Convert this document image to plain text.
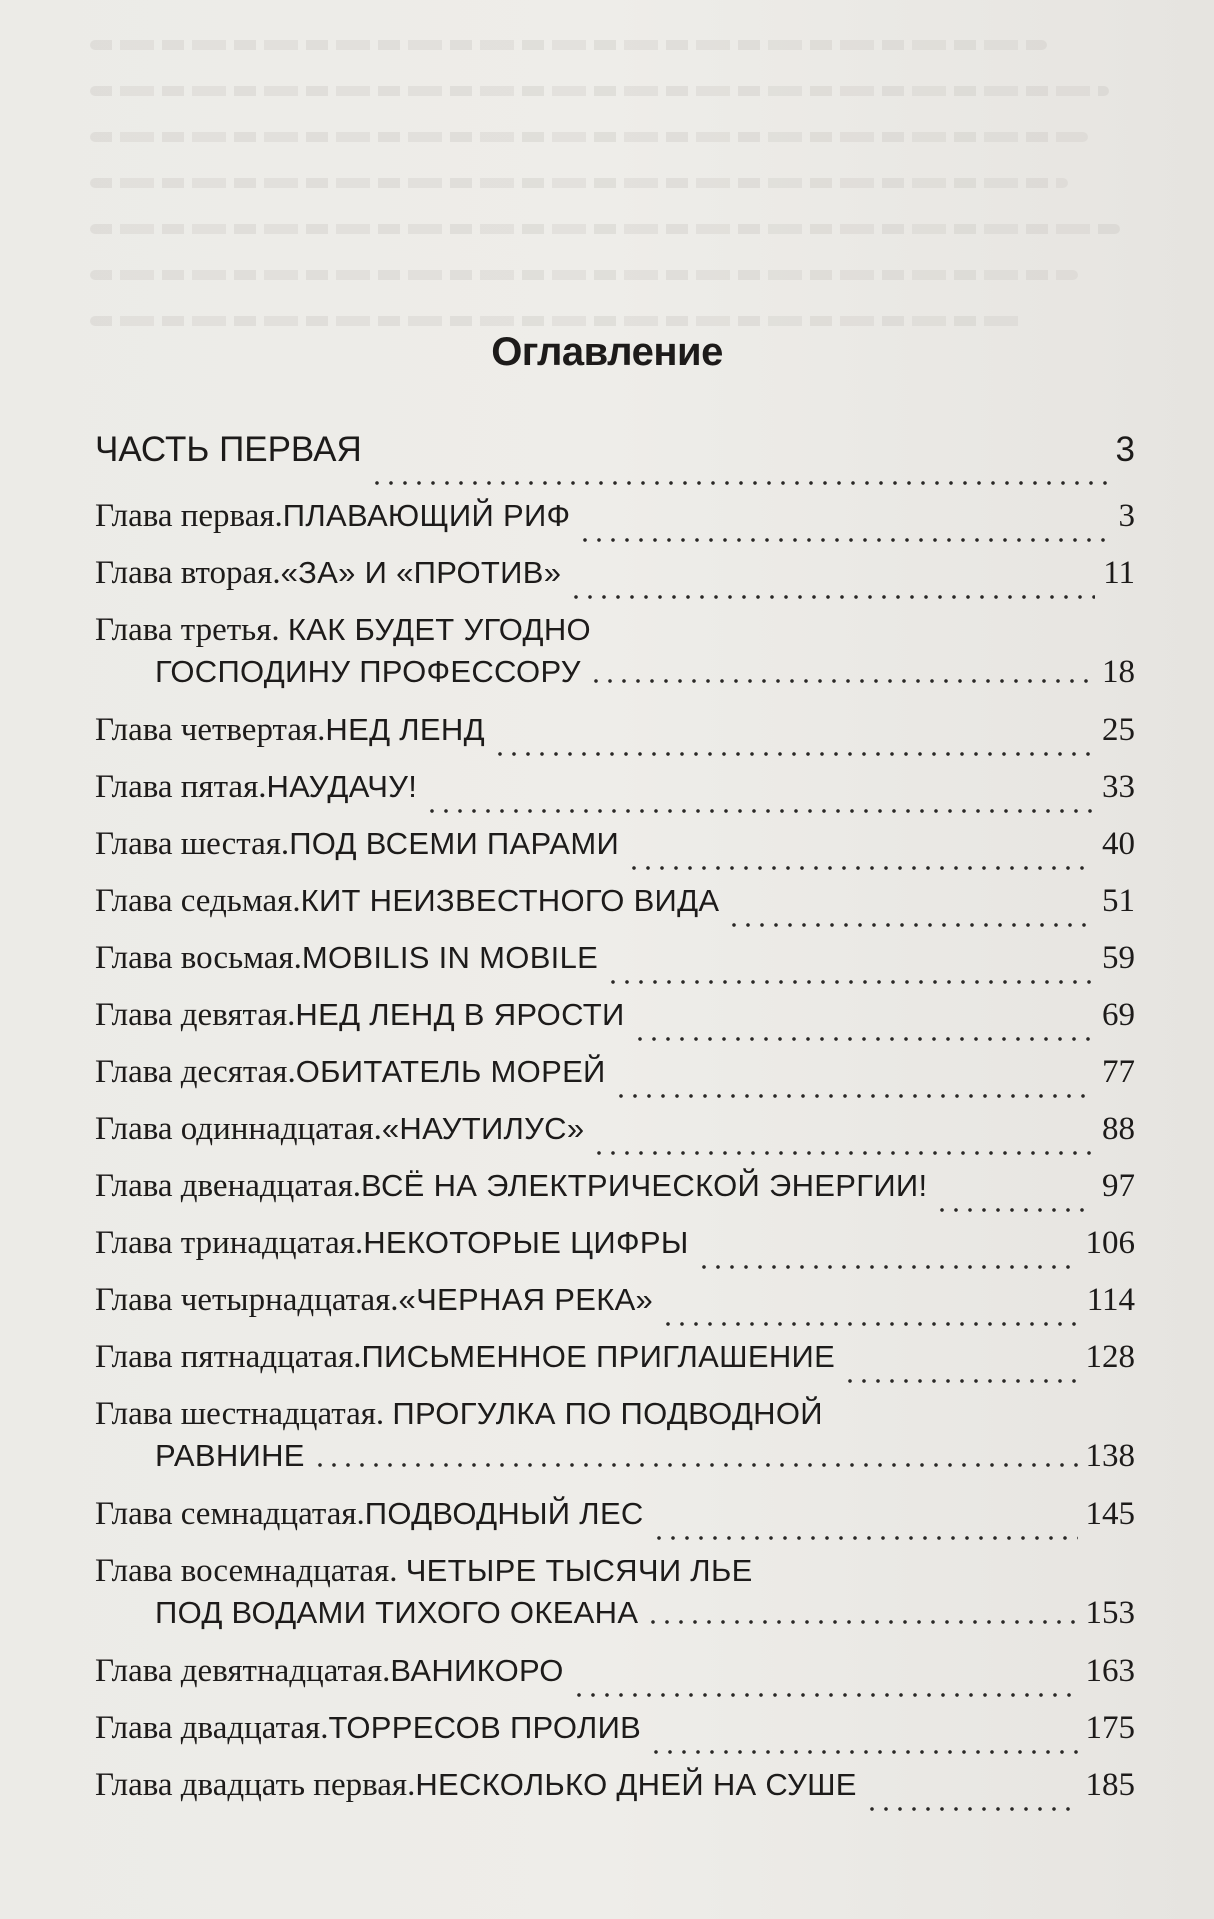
Оглавление
ЧАСТЬ ПЕРВАЯ	3
Глава первая. ПЛАВАЮЩИЙ РИФ	3
Глава вторая. «ЗА» И «ПРОТИВ»	11
Глава третья. КАК БУДЕТ УГОДНО
ГОСПОДИНУ ПРОФЕССОРУ	18
Глава четвертая. НЕД ЛЕНД	25
Глава пятая. НАУДАЧУ!	33
Глава шестая. ПОД ВСЕМИ ПАРАМИ	40
Глава седьмая. КИТ НЕИЗВЕСТНОГО ВИДА	51
Глава восьмая. MOBILIS IN MOBILE	59
Глава девятая. НЕД ЛЕНД В ЯРОСТИ	69
Глава десятая. ОБИТАТЕЛЬ МОРЕЙ	77
Глава одиннадцатая. «НАУТИЛУС»	88
Глава двенадцатая. ВСЁ НА ЭЛЕКТРИЧЕСКОЙ ЭНЕРГИИ!	97
Глава тринадцатая. НЕКОТОРЫЕ ЦИФРЫ	106
Глава четырнадцатая. «ЧЕРНАЯ РЕКА»	114
Глава пятнадцатая. ПИСЬМЕННОЕ ПРИГЛАШЕНИЕ	128
Глава шестнадцатая. ПРОГУЛКА ПО ПОДВОДНОЙ
РАВНИНЕ	138
Глава семнадцатая. ПОДВОДНЫЙ ЛЕС	145
Глава восемнадцатая. ЧЕТЫРЕ ТЫСЯЧИ ЛЬЕ
ПОД ВОДАМИ ТИХОГО ОКЕАНА	153
Глава девятнадцатая. ВАНИКОРО	163
Глава двадцатая. ТОРРЕСОВ ПРОЛИВ	175
Глава двадцать первая. НЕСКОЛЬКО ДНЕЙ НА СУШЕ	185
